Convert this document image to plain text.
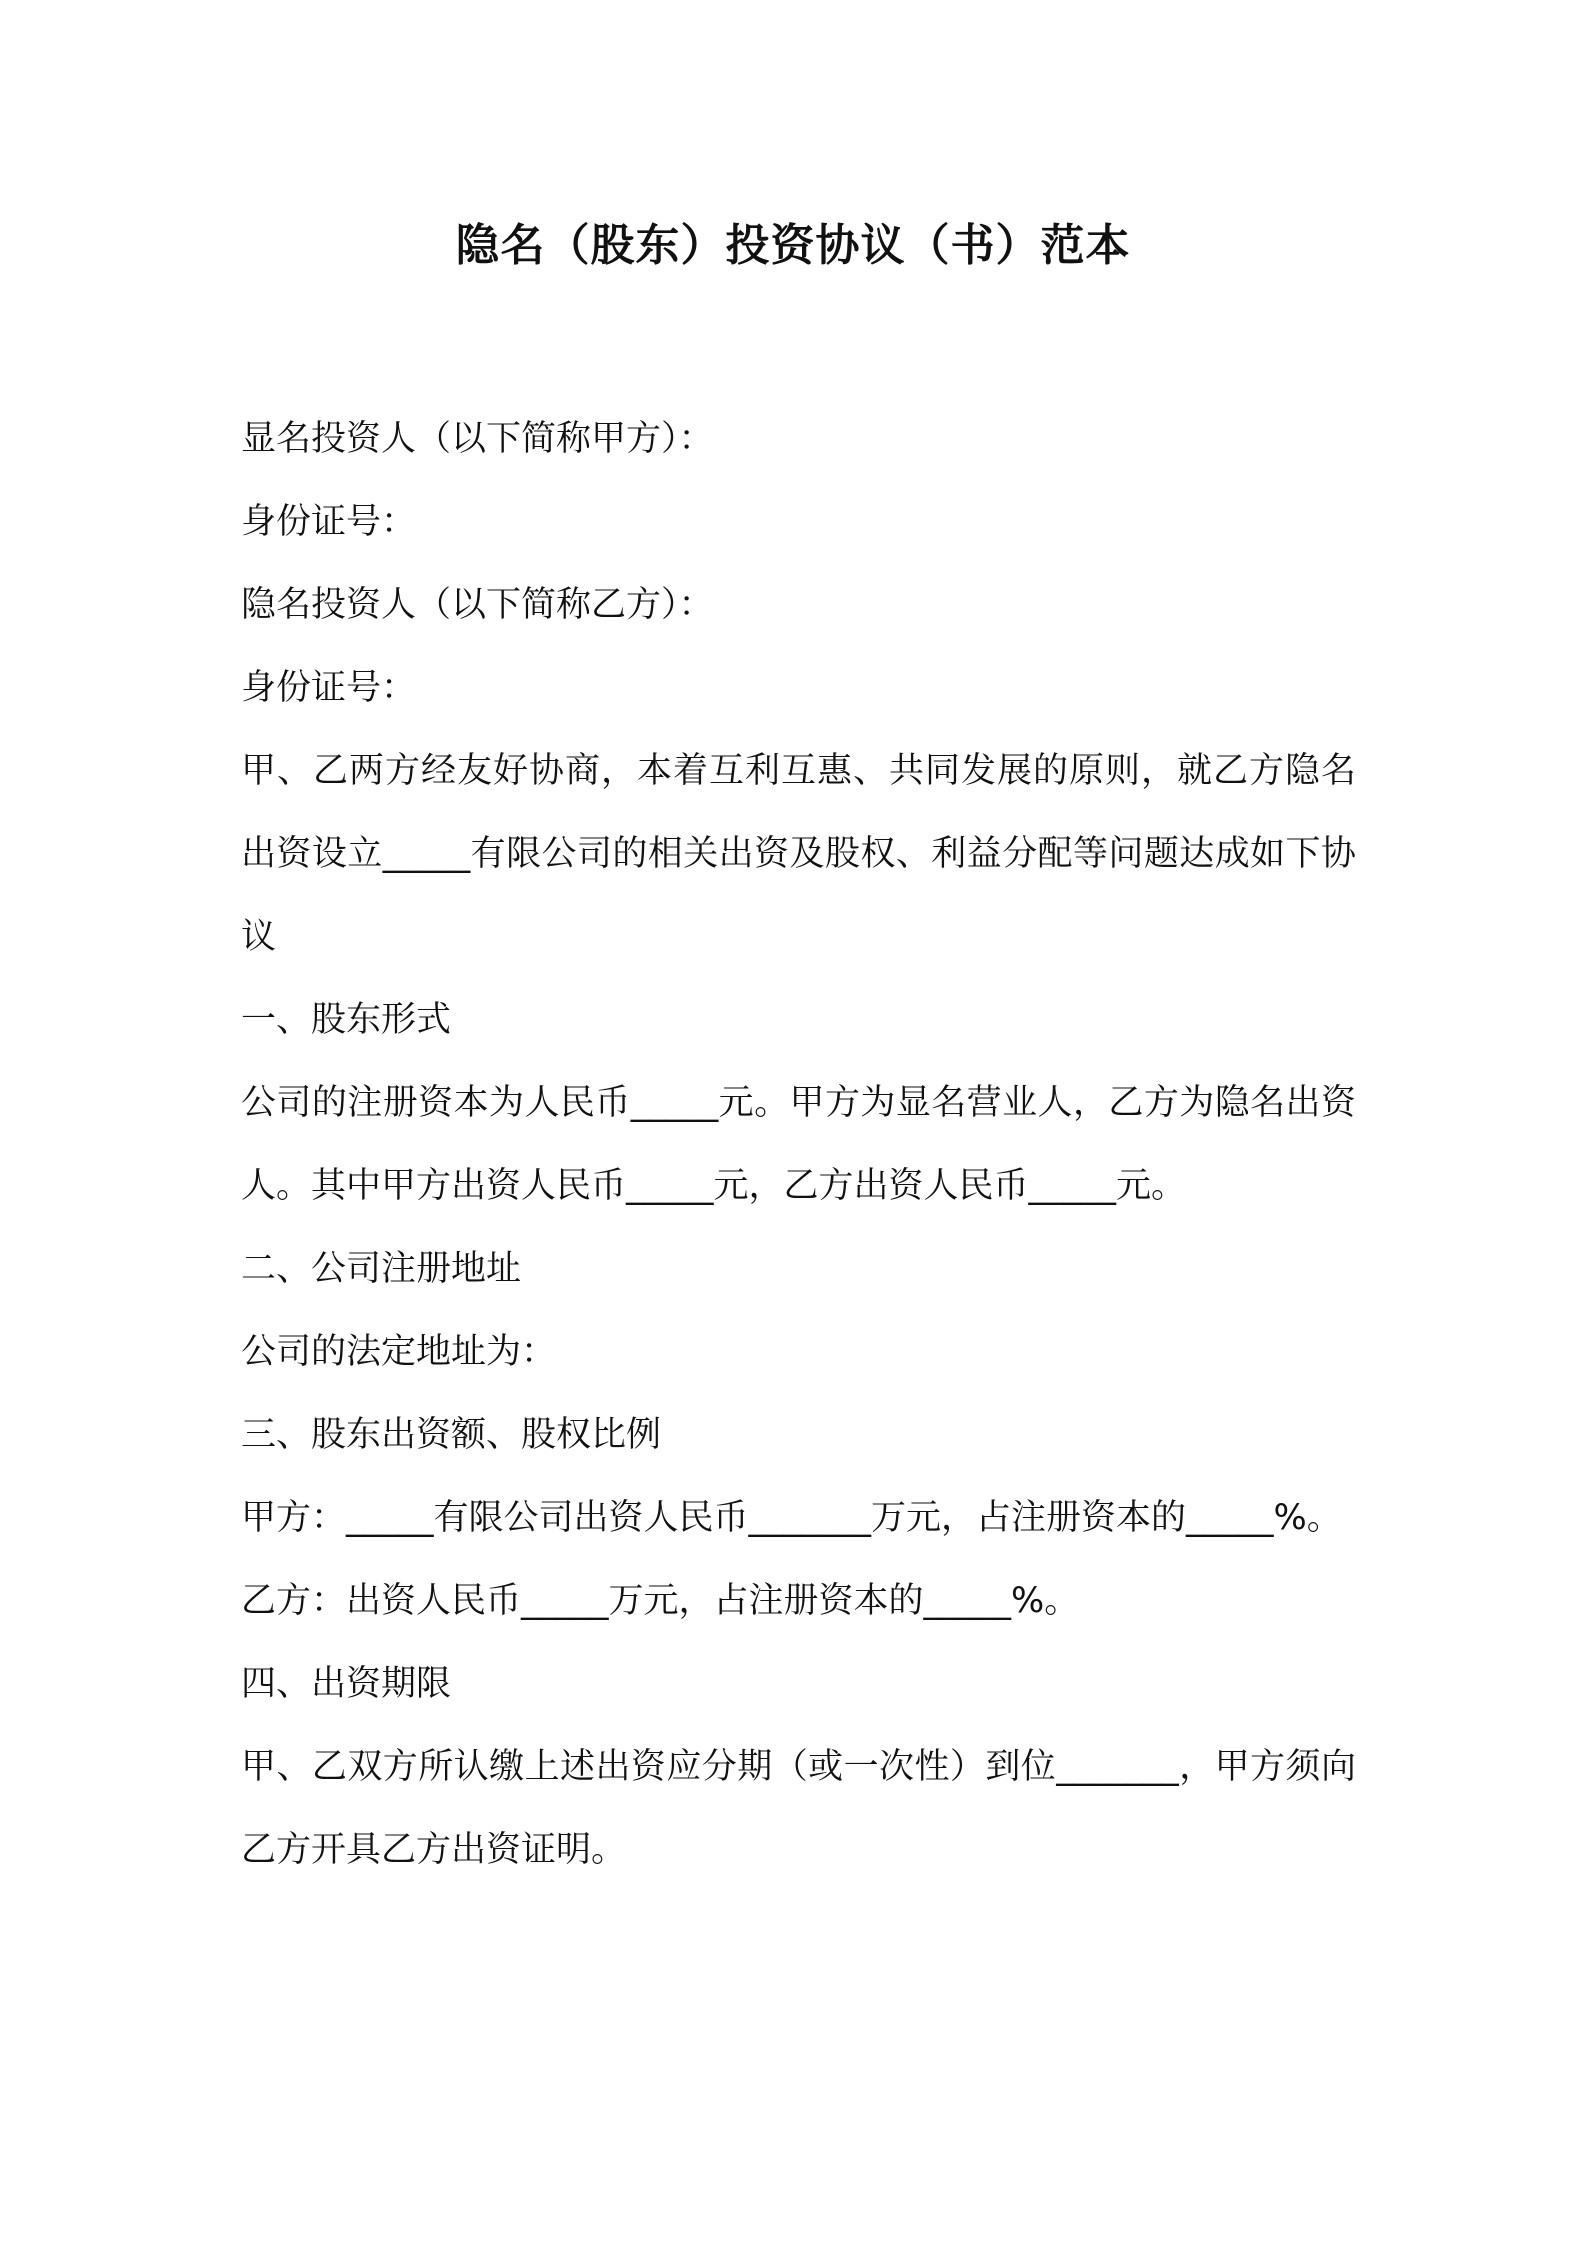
隐名（股东）投资协议（书）范本

显名投资人（以下简称甲方）：

身份证号：

隐名投资人（以下简称乙方）：

身份证号：

甲、乙两方经友好协商，本着互利互惠、共同发展的原则，就乙方隐名出资设立_____有限公司的相关出资及股权、利益分配等问题达成如下协议

一、股东形式

公司的注册资本为人民币_____元。甲方为显名营业人，乙方为隐名出资人。其中甲方出资人民币_____元，乙方出资人民币_____元。

二、公司注册地址

公司的法定地址为：

三、股东出资额、股权比例

甲方：_____有限公司出资人民币_______万元，占注册资本的_____%。

乙方：出资人民币_____万元，占注册资本的_____%。

四、出资期限

甲、乙双方所认缴上述出资应分期（或一次性）到位_______，甲方须向乙方开具乙方出资证明。
